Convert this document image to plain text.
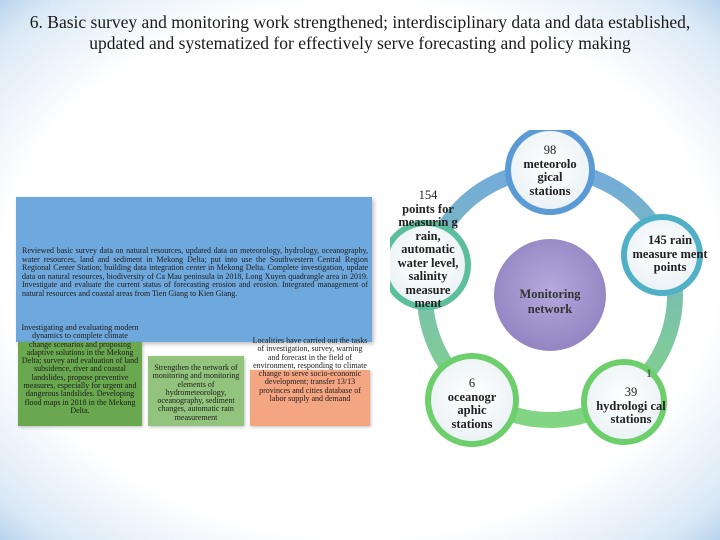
6. Basic survey and monitoring work strengthened; interdisciplinary data and data established, updated and systematized for effectively serve forecasting and policy making
Reviewed basic survey data on natural resources, updated data on meteorology, hydrology, oceanography, water resources, land and sediment in Mekong Delta; put into use the Southwestern Central Region Regional Center Station; building data integration center in Mekong Delta. Complete investigation, update data on natural resources, biodiversity of Ca Mau peninsula in 2018, Long Xuyen quadrangle area in 2019. Investigate and evaluate the current status of forecasting erosion and erosion. Integrated management of natural resources and coastal areas from Tien Giang to Kien Giang.
Investigating and evaluating modern dynamics to complete climate change scenarios and proposing adaptive solutions in the Mekong Delta; survey and evaluation of land subsidence, river and coastal landslides, propose preventive measures, especially for urgent and dangerous landslides. Developing flood maps in 2018 in the Mekong Delta.
Strengthen the network of monitoring and monitoring elements of hydrometeorology, oceanography, sediment changes, automatic rain measurement
Localities have carried out the tasks of investigation, survey, warning and forecast in the field of environment, responding to climate change to serve socio-economic development; transfer 13/13 provinces and cities database of labor supply and demand
Monitoring network
98
meteorolo gical stations
145 rain measure ment points
39
hydrologi cal stations
6
oceanogr aphic stations
154
points for measurin g rain, automatic water level, salinity measure ment
1
